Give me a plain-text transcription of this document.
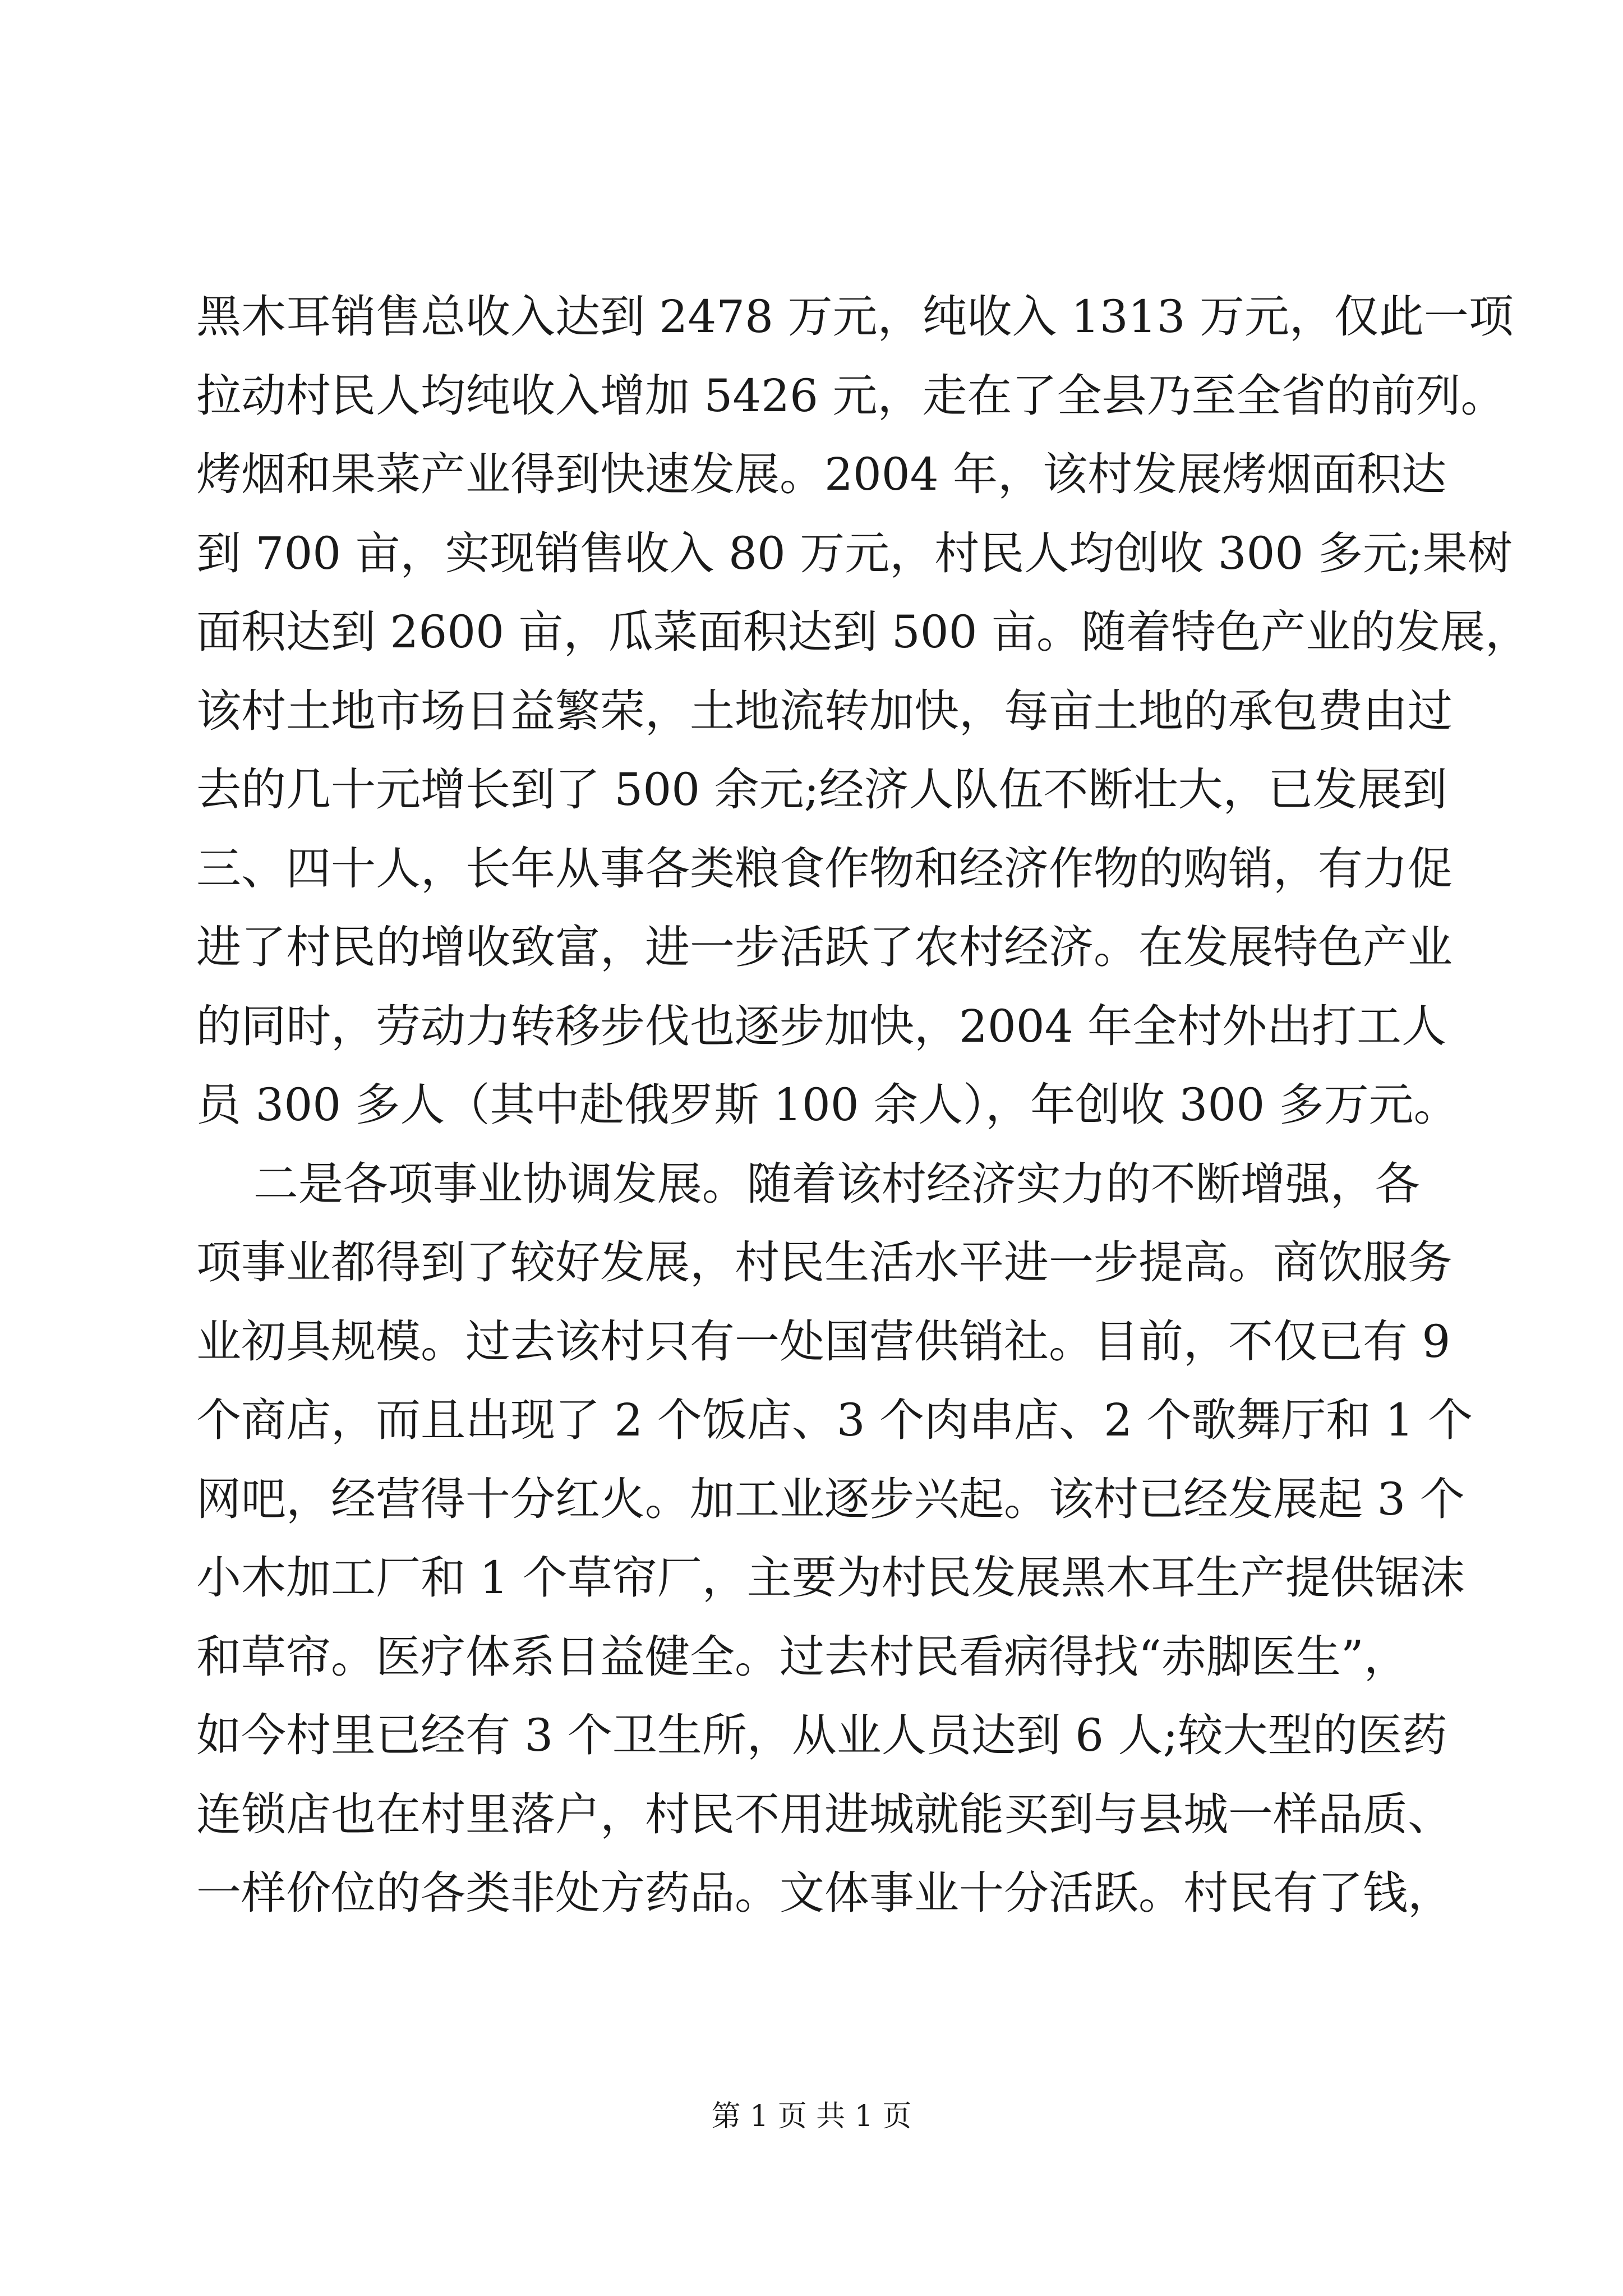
黑木耳销售总收入达到 2478 万元，纯收入 1313 万元，仅此一项
拉动村民人均纯收入增加 5426 元，走在了全县乃至全省的前列。
烤烟和果菜产业得到快速发展。2004 年，该村发展烤烟面积达
到 700 亩，实现销售收入 80 万元，村民人均创收 300 多元;果树
面积达到 2600 亩，瓜菜面积达到 500 亩。随着特色产业的发展，
该村土地市场日益繁荣，土地流转加快，每亩土地的承包费由过
去的几十元增长到了 500 余元;经济人队伍不断壮大，已发展到
三、四十人，长年从事各类粮食作物和经济作物的购销，有力促
进了村民的增收致富，进一步活跃了农村经济。在发展特色产业
的同时，劳动力转移步伐也逐步加快，2004 年全村外出打工人
员 300 多人（其中赴俄罗斯 100 余人），年创收 300 多万元。
二是各项事业协调发展。随着该村经济实力的不断增强，各
项事业都得到了较好发展，村民生活水平进一步提高。商饮服务
业初具规模。过去该村只有一处国营供销社。目前，不仅已有 9
个商店，而且出现了 2 个饭店、3 个肉串店、2 个歌舞厅和 1 个
网吧，经营得十分红火。加工业逐步兴起。该村已经发展起 3 个
小木加工厂和 1 个草帘厂，主要为村民发展黑木耳生产提供锯沫
和草帘。医疗体系日益健全。过去村民看病得找“赤脚医生”，
如今村里已经有 3 个卫生所，从业人员达到 6 人;较大型的医药
连锁店也在村里落户，村民不用进城就能买到与县城一样品质、
一样价位的各类非处方药品。文体事业十分活跃。村民有了钱，
第 1 页 共 1 页
